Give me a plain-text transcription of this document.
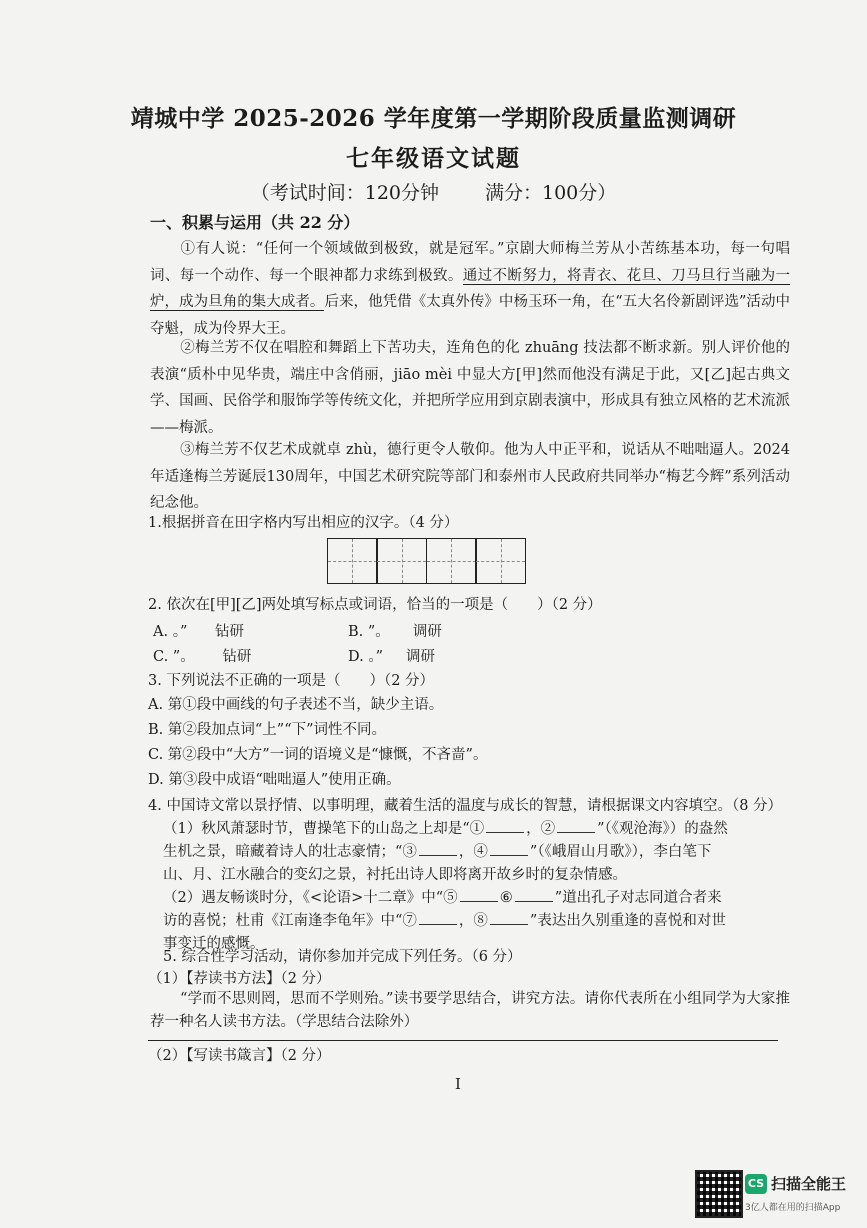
靖城中学 2025-2026 学年度第一学期阶段质量监测调研
七年级语文试题
（考试时间：120分钟 满分：100分）
一、积累与运用（共 22 分）
①有人说：“任何一个领域做到极致，就是冠军。”京剧大师梅兰芳从小苦练基本功，每一句唱词、每一个动作、每一个眼神都力求练到极致。通过不断努力，将青衣、花旦、刀马旦行当融为一炉，成为旦角的集大成者。后来，他凭借《太真外传》中杨玉环一角，在“五大名伶新剧评选”活动中夺魁，成为伶界大王。
②梅兰芳不仅在唱腔和舞蹈上下苦功夫，连角色的化 zhuāng 技法都不断求新。别人评价他的表演“质朴中见华贵，端庄中含俏丽，jiāo mèi 中显大方[甲]然而他没有满足于此，又[乙]起古典文学、国画、民俗学和服饰学等传统文化，并把所学应用到京剧表演中，形成具有独立风格的艺术流派——梅派。
③梅兰芳不仅艺术成就卓 zhù，德行更令人敬仰。他为人中正平和，说话从不咄咄逼人。2024 年适逢梅兰芳诞辰130周年，中国艺术研究院等部门和泰州市人民政府共同举办“梅艺今辉”系列活动纪念他。
1.根据拼音在田字格内写出相应的汉字。（4 分）
2. 依次在[甲][乙]两处填写标点或词语，恰当的一项是（　　）（2 分）
A. 。” 钻研	B. ”。 调研
C. ”。 钻研	D. 。” 调研
3. 下列说法不正确的一项是（　　）（2 分）
A. 第①段中画线的句子表述不当，缺少主语。
B. 第②段加点词“上”“下”词性不同。
C. 第②段中“大方”一词的语境义是“慷慨，不吝啬”。
D. 第③段中成语“咄咄逼人”使用正确。
4. 中国诗文常以景抒情、以事明理，藏着生活的温度与成长的智慧，请根据课文内容填空。（8 分）
（1）秋风萧瑟时节，曹操笔下的山岛之上却是“①	，②	”（《观沧海》）的盎然
生机之景，暗藏着诗人的壮志豪情；“③	，④	”（《峨眉山月歌》），李白笔下
山、月、江水融合的变幻之景，衬托出诗人即将离开故乡时的复杂情感。
（2）遇友畅谈时分，《<论语>十二章》中“⑤	⑥	”道出孔子对志同道合者来
访的喜悦；杜甫《江南逢李龟年》中“⑦	，⑧	”表达出久别重逢的喜悦和对世
事变迁的感慨。
5. 综合性学习活动，请你参加并完成下列任务。（6 分）
（1）【荐读书方法】（2 分）
“学而不思则罔，思而不学则殆。”读书要学思结合，讲究方法。请你代表所在小组同学为大家推荐一种名人读书方法。（学思结合法除外）
（2）【写读书箴言】（2 分）
I
CS 扫描全能王
3亿人都在用的扫描App
